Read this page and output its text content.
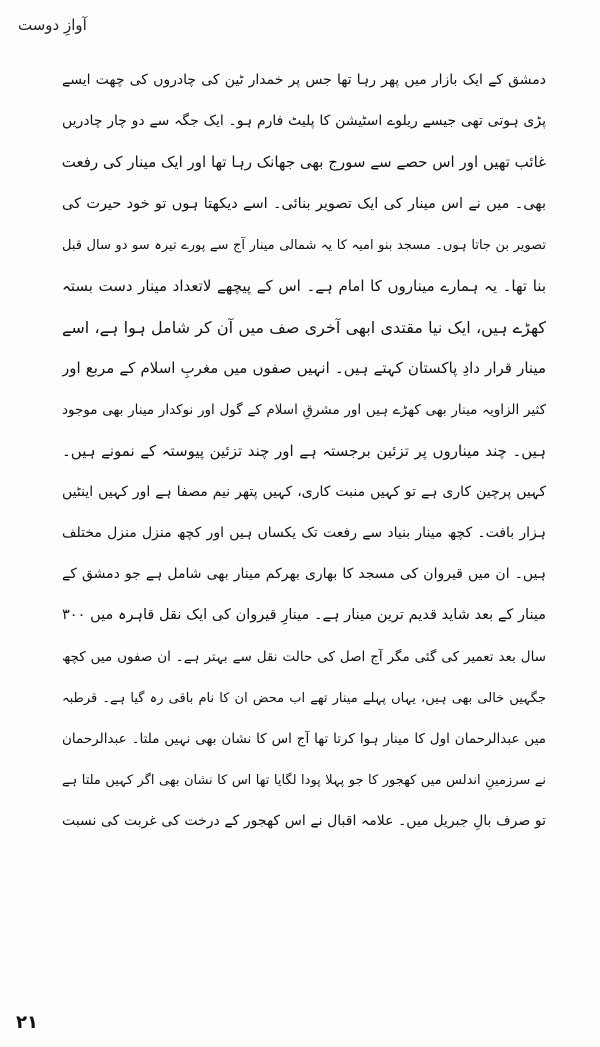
آوازِ دوست
دمشق کے ایک بازار میں پھر رہا تھا جس پر خمدار ٹین کی چادروں کی چھت ایسے
پڑی ہوتی تھی جیسے ریلوے اسٹیشن کا پلیٹ فارم ہو۔ ایک جگہ سے دو چار چادریں
غائب تھیں اور اس حصے سے سورج بھی جھانک رہا تھا اور ایک مینار کی رفعت
بھی۔ میں نے اس مینار کی ایک تصویر بنائی۔ اسے دیکھتا ہوں تو خود حیرت کی
تصویر بن جاتا ہوں۔ مسجد بنو امیہ کا یہ شمالی مینار آج سے پورے تیرہ سو دو سال قبل
بنا تھا۔ یہ ہمارے میناروں کا امام ہے۔ اس کے پیچھے لاتعداد مینار دست بستہ
کھڑے ہیں، ایک نیا مقتدی ابھی آخری صف میں آن کر شامل ہوا ہے، اسے
مینار قرار دادِ پاکستان کہتے ہیں۔ انہیں صفوں میں مغربِ اسلام کے مربع اور
کثیر الزاویہ مینار بھی کھڑے ہیں اور مشرقِ اسلام کے گول اور نوکدار مینار بھی موجود
ہیں۔ چند میناروں پر تزئین برجستہ ہے اور چند تزئین پیوستہ کے نمونے ہیں۔
کہیں پرچین کاری ہے تو کہیں منبت کاری، کہیں پتھر نیم مصفا ہے اور کہیں اینٹیں
ہزار بافت۔ کچھ مینار بنیاد سے رفعت تک یکساں ہیں اور کچھ منزل منزل مختلف
ہیں۔ ان میں قیروان کی مسجد کا بھاری بھرکم مینار بھی شامل ہے جو دمشق کے
مینار کے بعد شاید قدیم ترین مینار ہے۔ مینارِ قیروان کی ایک نقل قاہرہ میں ۳۰۰
سال بعد تعمیر کی گئی مگر آج اصل کی حالت نقل سے بہتر ہے۔ ان صفوں میں کچھ
جگہیں خالی بھی ہیں، یہاں پہلے مینار تھے اب محض ان کا نام باقی رہ گیا ہے۔ قرطبہ
میں عبدالرحمان اول کا مینار ہوا کرتا تھا آج اس کا نشان بھی نہیں ملتا۔ عبدالرحمان
نے سرزمینِ اندلس میں کھجور کا جو پہلا پودا لگایا تھا اس کا نشان بھی اگر کہیں ملتا ہے
تو صرف بالِ جبریل میں۔ علامہ اقبال نے اس کھجور کے درخت کی غربت کی نسبت
۲۱
